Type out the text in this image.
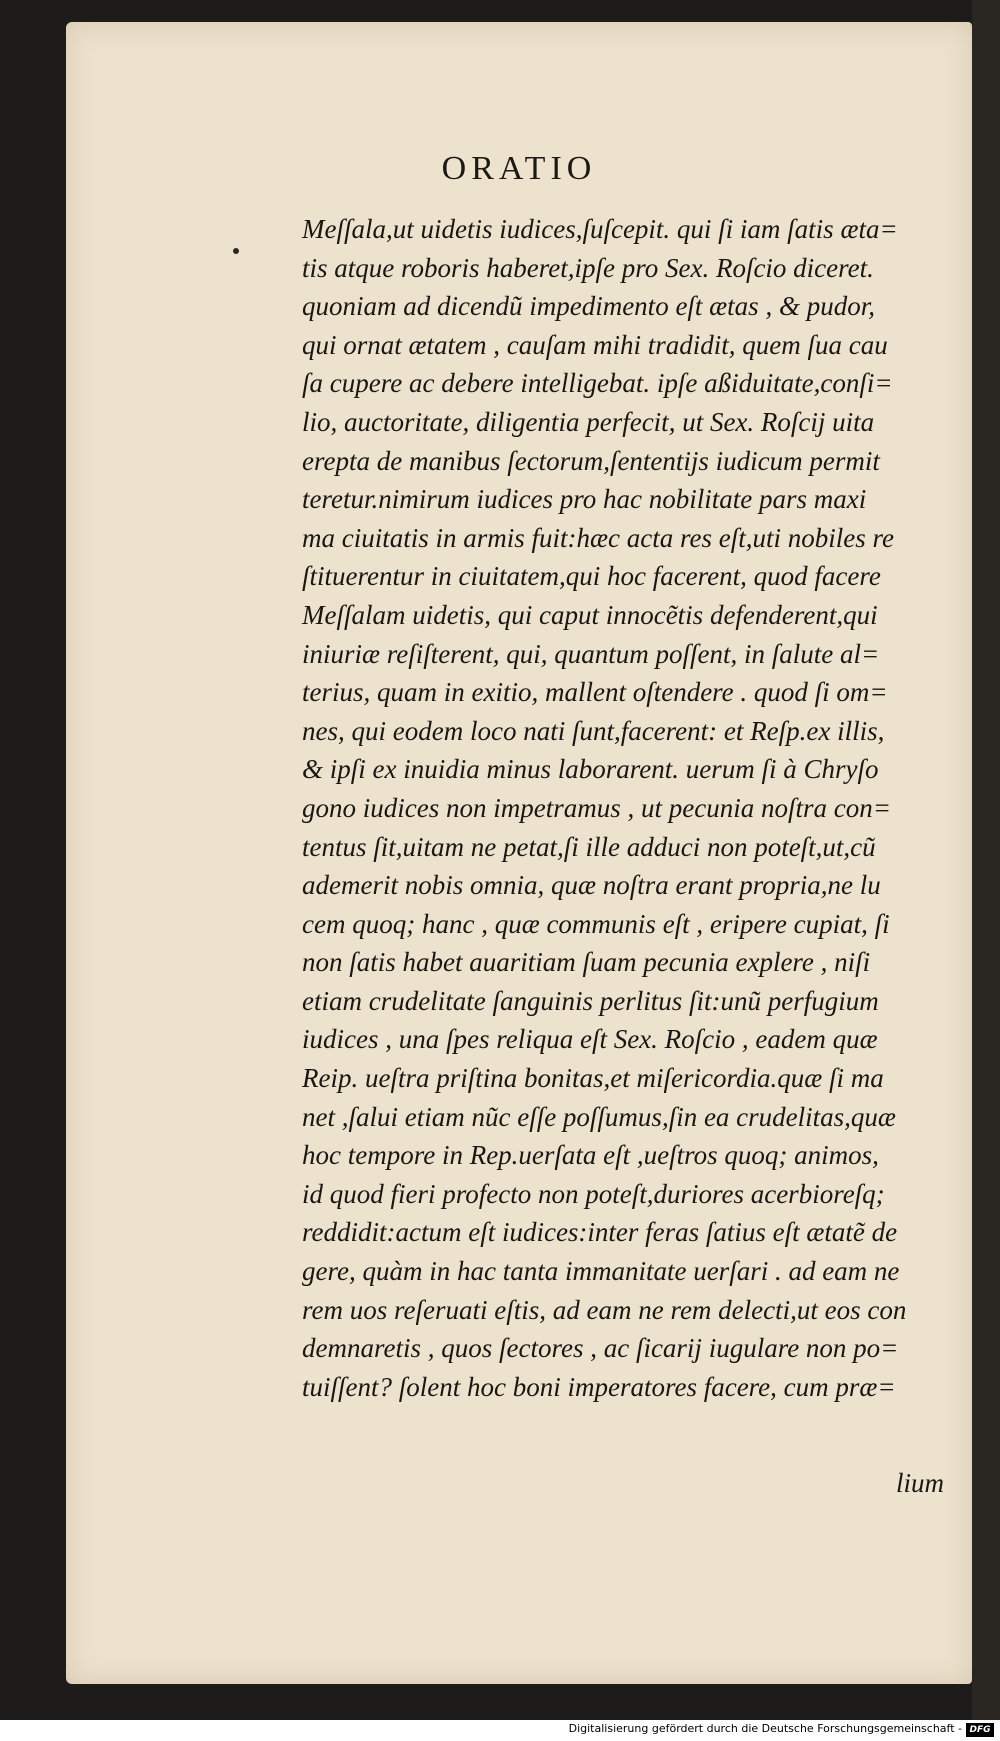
ORATIO
Meſſala,ut uidetis iudices,ſuſcepit. qui ſi iam ſatis æta=
tis atque roboris haberet,ipſe pro Sex. Roſcio diceret.
quoniam ad dicendũ impedimento eſt ætas , & pudor,
qui ornat ætatem , cauſam mihi tradidit, quem ſua cau
ſa cupere ac debere intelligebat. ipſe aßiduitate,conſi=
lio, auctoritate, diligentia perfecit, ut Sex. Roſcij uita
erepta de manibus ſectorum,ſententijs iudicum permit
teretur.nimirum iudices pro hac nobilitate pars maxi
ma ciuitatis in armis fuit:hæc acta res eſt,uti nobiles re
ſtituerentur in ciuitatem,qui hoc facerent, quod facere
Meſſalam uidetis, qui caput innocẽtis defenderent,qui
iniuriæ reſiſterent, qui, quantum poſſent, in ſalute al=
terius, quam in exitio, mallent oſtendere . quod ſi om=
nes, qui eodem loco nati ſunt,facerent: et Reſp.ex illis,
& ipſi ex inuidia minus laborarent. uerum ſi à Chryſo
gono iudices non impetramus , ut pecunia noſtra con=
tentus ſit,uitam ne petat,ſi ille adduci non poteſt,ut,cũ
ademerit nobis omnia, quæ noſtra erant propria,ne lu
cem quoq; hanc , quæ communis eſt , eripere cupiat, ſi
non ſatis habet auaritiam ſuam pecunia explere , niſi
etiam crudelitate ſanguinis perlitus ſit:unũ perfugium
iudices , una ſpes reliqua eſt Sex. Roſcio , eadem quæ
Reip. ueſtra priſtina bonitas,et miſericordia.quæ ſi ma
net ,ſalui etiam nũc eſſe poſſumus,ſin ea crudelitas,quæ
hoc tempore in Rep.uerſata eſt ,ueſtros quoq; animos,
id quod fieri profecto non poteſt,duriores acerbioreſq;
reddidit:actum eſt iudices:inter feras ſatius eſt ætatẽ de
gere, quàm in hac tanta immanitate uerſari . ad eam ne
rem uos reſeruati eſtis, ad eam ne rem delecti,ut eos con
demnaretis , quos ſectores , ac ſicarij iugulare non po=
tuiſſent? ſolent hoc boni imperatores facere, cum præ=
lium
Digitalisierung gefördert durch die Deutsche Forschungsgemeinschaft - DFG
